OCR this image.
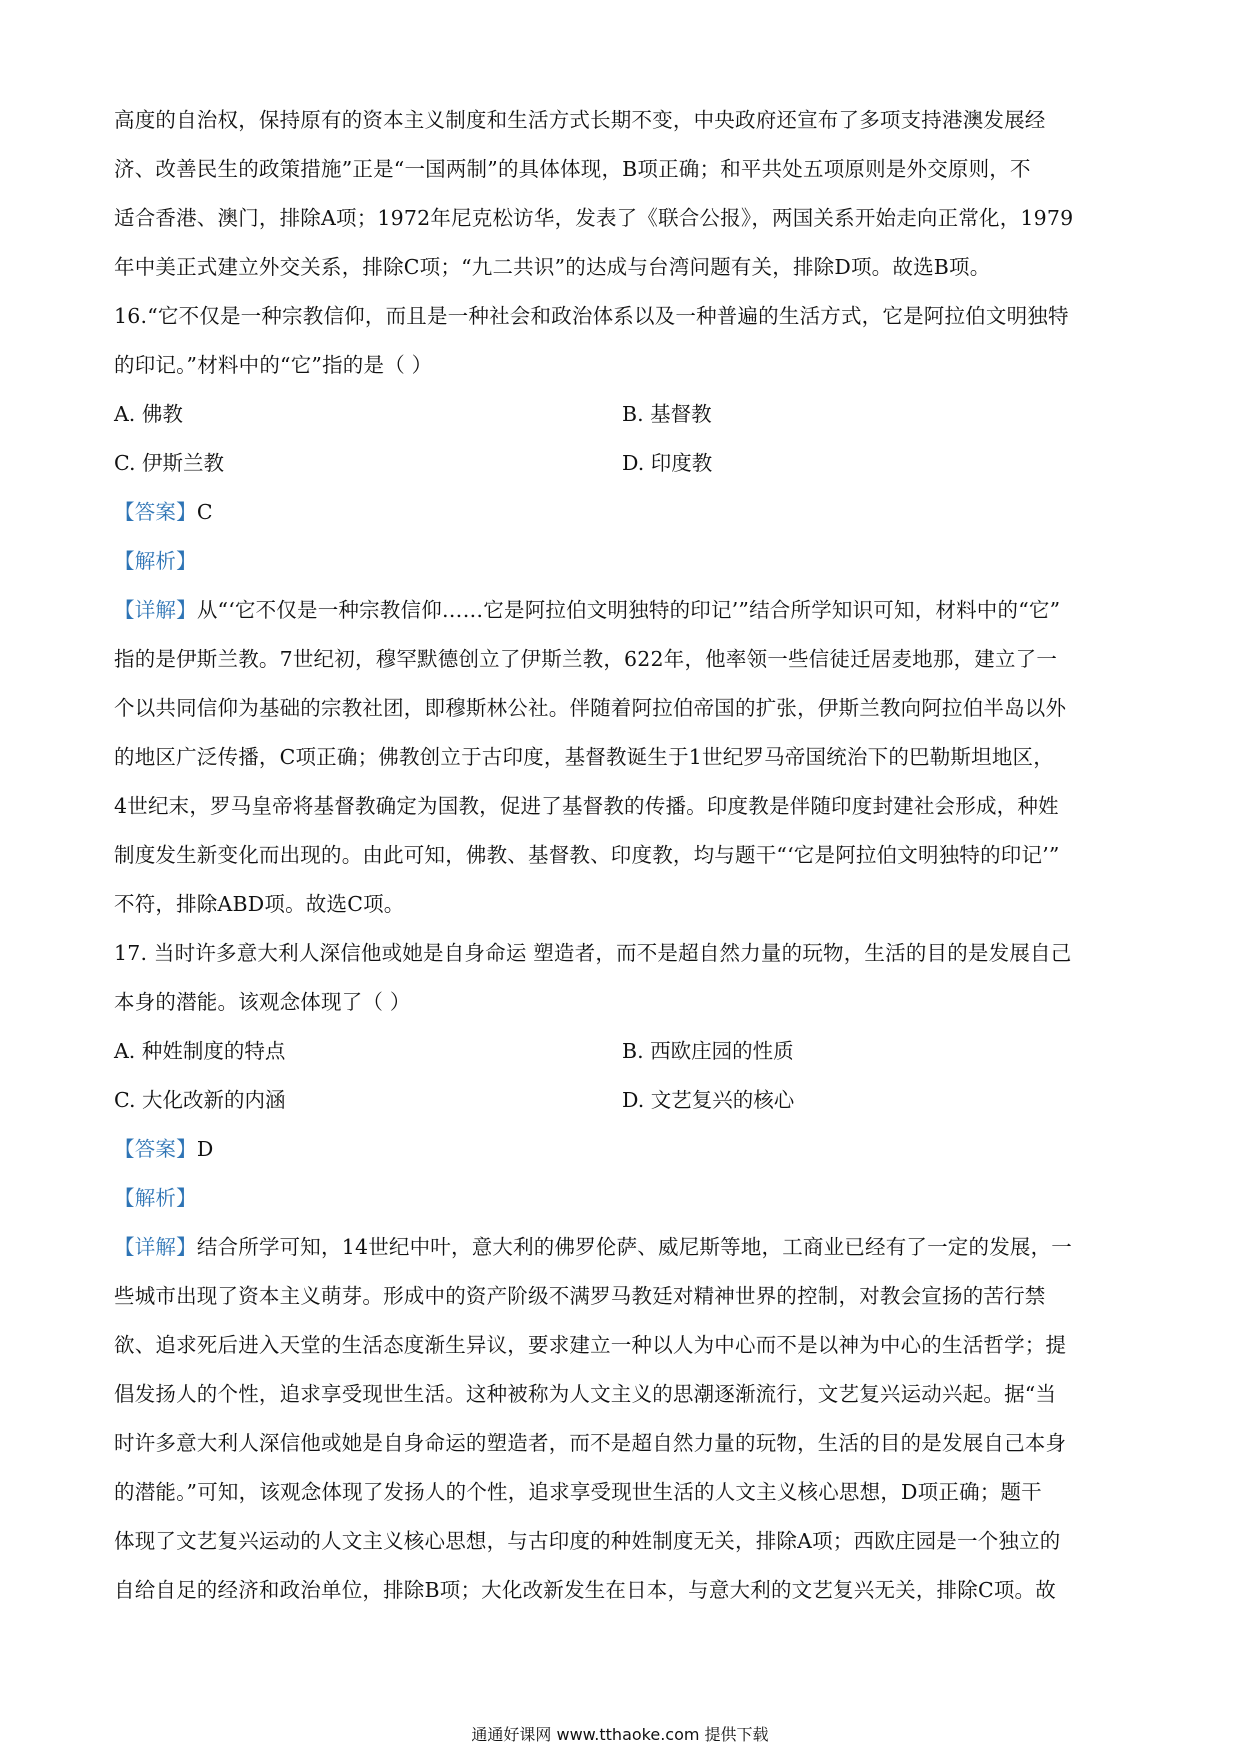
高度的自治权，保持原有的资本主义制度和生活方式长期不变，中央政府还宣布了多项支持港澳发展经
济、改善民生的政策措施”正是“一国两制”的具体体现，B项正确；和平共处五项原则是外交原则，不
适合香港、澳门，排除A项；1972年尼克松访华，发表了《联合公报》，两国关系开始走向正常化，1979
年中美正式建立外交关系，排除C项；“九二共识”的达成与台湾问题有关，排除D项。故选B项。
16.“它不仅是一种宗教信仰，而且是一种社会和政治体系以及一种普遍的生活方式，它是阿拉伯文明独特
的印记。”材料中的“它”指的是（ ）
A. 佛教	B. 基督教
C. 伊斯兰教	D. 印度教
【答案】C
【解析】
【详解】从“‘它不仅是一种宗教信仰……它是阿拉伯文明独特的印记’”结合所学知识可知，材料中的“它”
指的是伊斯兰教。7世纪初，穆罕默德创立了伊斯兰教，622年，他率领一些信徒迁居麦地那，建立了一
个以共同信仰为基础的宗教社团，即穆斯林公社。伴随着阿拉伯帝国的扩张，伊斯兰教向阿拉伯半岛以外
的地区广泛传播，C项正确；佛教创立于古印度，基督教诞生于1世纪罗马帝国统治下的巴勒斯坦地区，
4世纪末，罗马皇帝将基督教确定为国教，促进了基督教的传播。印度教是伴随印度封建社会形成，种姓
制度发生新变化而出现的。由此可知，佛教、基督教、印度教，均与题干“‘它是阿拉伯文明独特的印记’”
不符，排除ABD项。故选C项。
17. 当时许多意大利人深信他或她是自身命运 塑造者，而不是超自然力量的玩物，生活的目的是发展自己
本身的潜能。该观念体现了（ ）
A. 种姓制度的特点	B. 西欧庄园的性质
C. 大化改新的内涵	D. 文艺复兴的核心
【答案】D
【解析】
【详解】结合所学可知，14世纪中叶，意大利的佛罗伦萨、威尼斯等地，工商业已经有了一定的发展，一
些城市出现了资本主义萌芽。形成中的资产阶级不满罗马教廷对精神世界的控制，对教会宣扬的苦行禁
欲、追求死后进入天堂的生活态度渐生异议，要求建立一种以人为中心而不是以神为中心的生活哲学；提
倡发扬人的个性，追求享受现世生活。这种被称为人文主义的思潮逐渐流行，文艺复兴运动兴起。据“当
时许多意大利人深信他或她是自身命运的塑造者，而不是超自然力量的玩物，生活的目的是发展自己本身
的潜能。”可知，该观念体现了发扬人的个性，追求享受现世生活的人文主义核心思想，D项正确；题干
体现了文艺复兴运动的人文主义核心思想，与古印度的种姓制度无关，排除A项；西欧庄园是一个独立的
自给自足的经济和政治单位，排除B项；大化改新发生在日本，与意大利的文艺复兴无关，排除C项。故
通通好课网 www.tthaoke.com 提供下载
